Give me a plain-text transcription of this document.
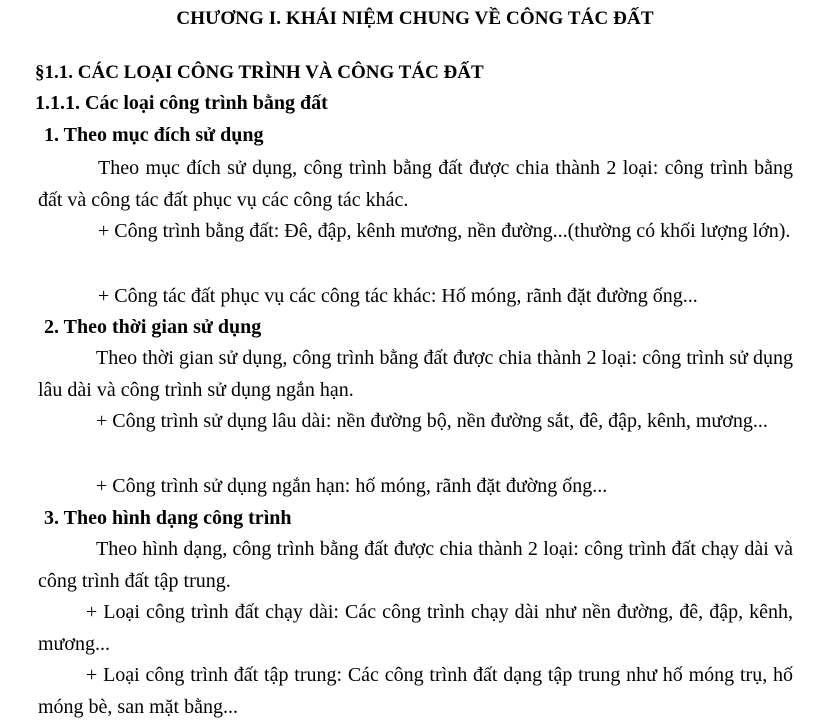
CHƯƠNG I. KHÁI NIỆM CHUNG VỀ CÔNG TÁC ĐẤT
§1.1. CÁC LOẠI CÔNG TRÌNH VÀ CÔNG TÁC ĐẤT
1.1.1. Các loại công trình bằng đất
1. Theo mục đích sử dụng

Theo mục đích sử dụng, công trình bằng đất được chia thành 2 loại: công trình bằng đất và công tác đất phục vụ các công tác khác.

+ Công trình bằng đất: Đê, đập, kênh mương, nền đường...(thường có khối lượng lớn).

+ Công tác đất phục vụ các công tác khác: Hố móng, rãnh đặt đường ống...

2. Theo thời gian sử dụng

Theo thời gian sử dụng, công trình bằng đất được chia thành 2 loại: công trình sử dụng lâu dài và công trình sử dụng ngắn hạn.

+ Công trình sử dụng lâu dài: nền đường bộ, nền đường sắt, đê, đập, kênh, mương...

+ Công trình sử dụng ngắn hạn: hố móng, rãnh đặt đường ống...

3. Theo hình dạng công trình

Theo hình dạng, công trình bằng đất được chia thành 2 loại: công trình đất chạy dài và công trình đất tập trung.

+ Loại công trình đất chạy dài: Các công trình chạy dài như nền đường, đê, đập, kênh, mương...

+ Loại công trình đất tập trung: Các công trình đất dạng tập trung như hố móng trụ, hố móng bè, san mặt bằng...
